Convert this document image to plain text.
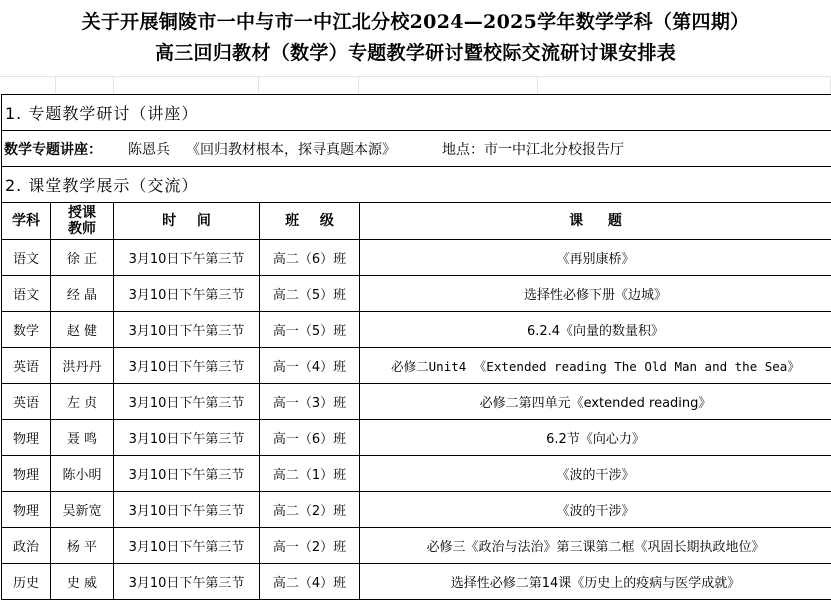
关于开展铜陵市一中与市一中江北分校2024—2025学年数学学科（第四期）
高三回归教材（数学）专题教学研讨暨校际交流研讨课安排表
1. 专题教学研讨（讲座）				
数学专题讲座： 陈恩兵 《回归教材根本，探寻真题本源》 地点：市一中江北分校报告厅				
2. 课堂教学展示（交流）				
学科	授课教师	时 间	班 级	课 题
语文	徐 正	3月10日下午第三节	高二（6）班	《再别康桥》
语文	经 晶	3月10日下午第三节	高二（5）班	选择性必修下册《边城》
数学	赵 健	3月10日下午第三节	高一（5）班	6.2.4《向量的数量积》
英语	洪丹丹	3月10日下午第三节	高一（4）班	必修二Unit4 《Extended reading The Old Man and the Sea》
英语	左 贞	3月10日下午第三节	高一（3）班	必修二第四单元《extended reading》
物理	聂 鸣	3月10日下午第三节	高一（6）班	6.2节《向心力》
物理	陈小明	3月10日下午第三节	高二（1）班	《波的干涉》
物理	吴新宽	3月10日下午第三节	高二（2）班	《波的干涉》
政治	杨 平	3月10日下午第三节	高一（2）班	必修三《政治与法治》第三课第二框《巩固长期执政地位》
历史	史 威	3月10日下午第三节	高二（4）班	选择性必修二第14课《历史上的疫病与医学成就》
